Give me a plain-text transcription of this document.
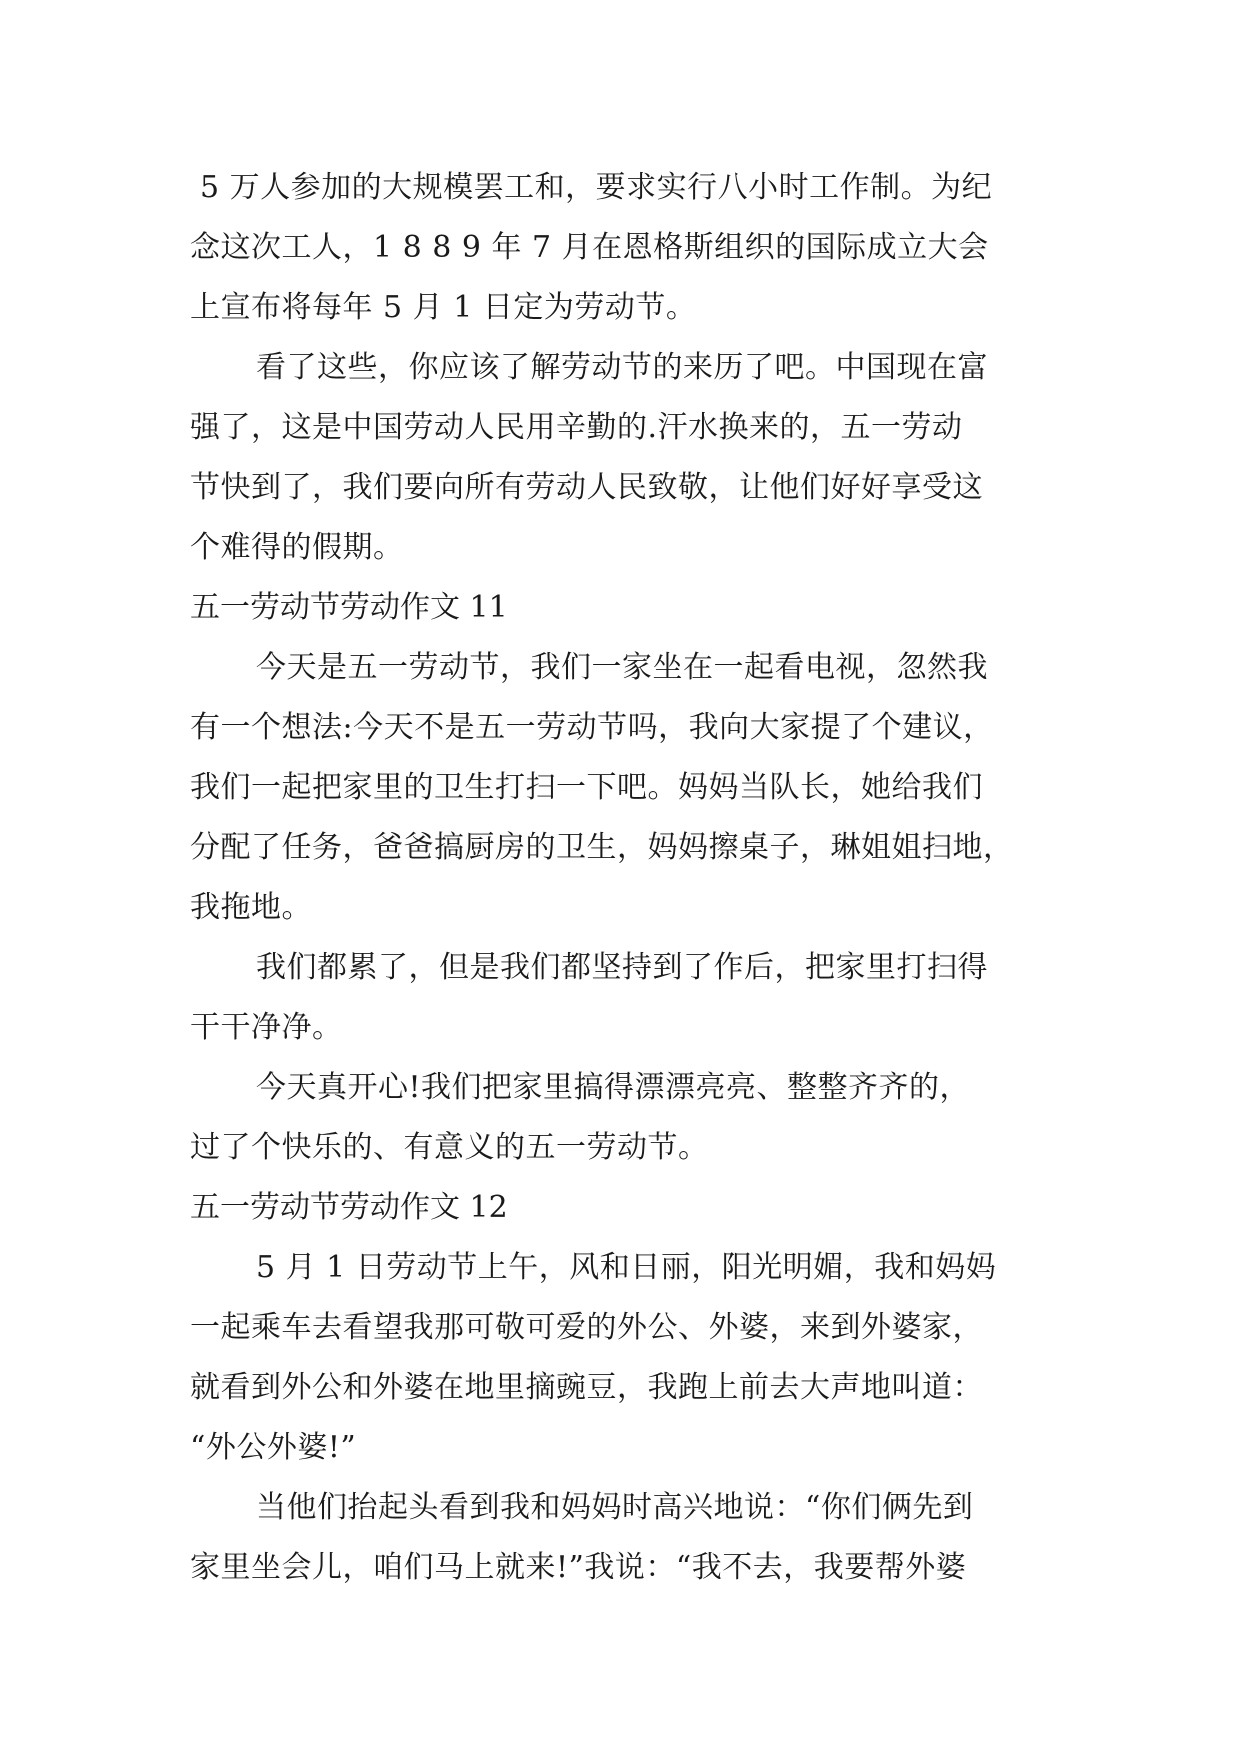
5 万人参加的大规模罢工和，要求实行八小时工作制。为纪
念这次工人，1 8 8 9 年 7 月在恩格斯组织的国际成立大会
上宣布将每年 5 月 1 日定为劳动节。
看了这些，你应该了解劳动节的来历了吧。中国现在富
强了，这是中国劳动人民用辛勤的.汗水换来的，五一劳动
节快到了，我们要向所有劳动人民致敬，让他们好好享受这
个难得的假期。
五一劳动节劳动作文 11
今天是五一劳动节，我们一家坐在一起看电视，忽然我
有一个想法:今天不是五一劳动节吗，我向大家提了个建议，
我们一起把家里的卫生打扫一下吧。妈妈当队长，她给我们
分配了任务，爸爸搞厨房的卫生，妈妈擦桌子，琳姐姐扫地，
我拖地。
我们都累了，但是我们都坚持到了作后，把家里打扫得
干干净净。
今天真开心!我们把家里搞得漂漂亮亮、整整齐齐的，
过了个快乐的、有意义的五一劳动节。
五一劳动节劳动作文 12
5 月 1 日劳动节上午，风和日丽，阳光明媚，我和妈妈
一起乘车去看望我那可敬可爱的外公、外婆，来到外婆家，
就看到外公和外婆在地里摘豌豆，我跑上前去大声地叫道：
“外公外婆!”
当他们抬起头看到我和妈妈时高兴地说：“你们俩先到
家里坐会儿，咱们马上就来!”我说：“我不去，我要帮外婆
